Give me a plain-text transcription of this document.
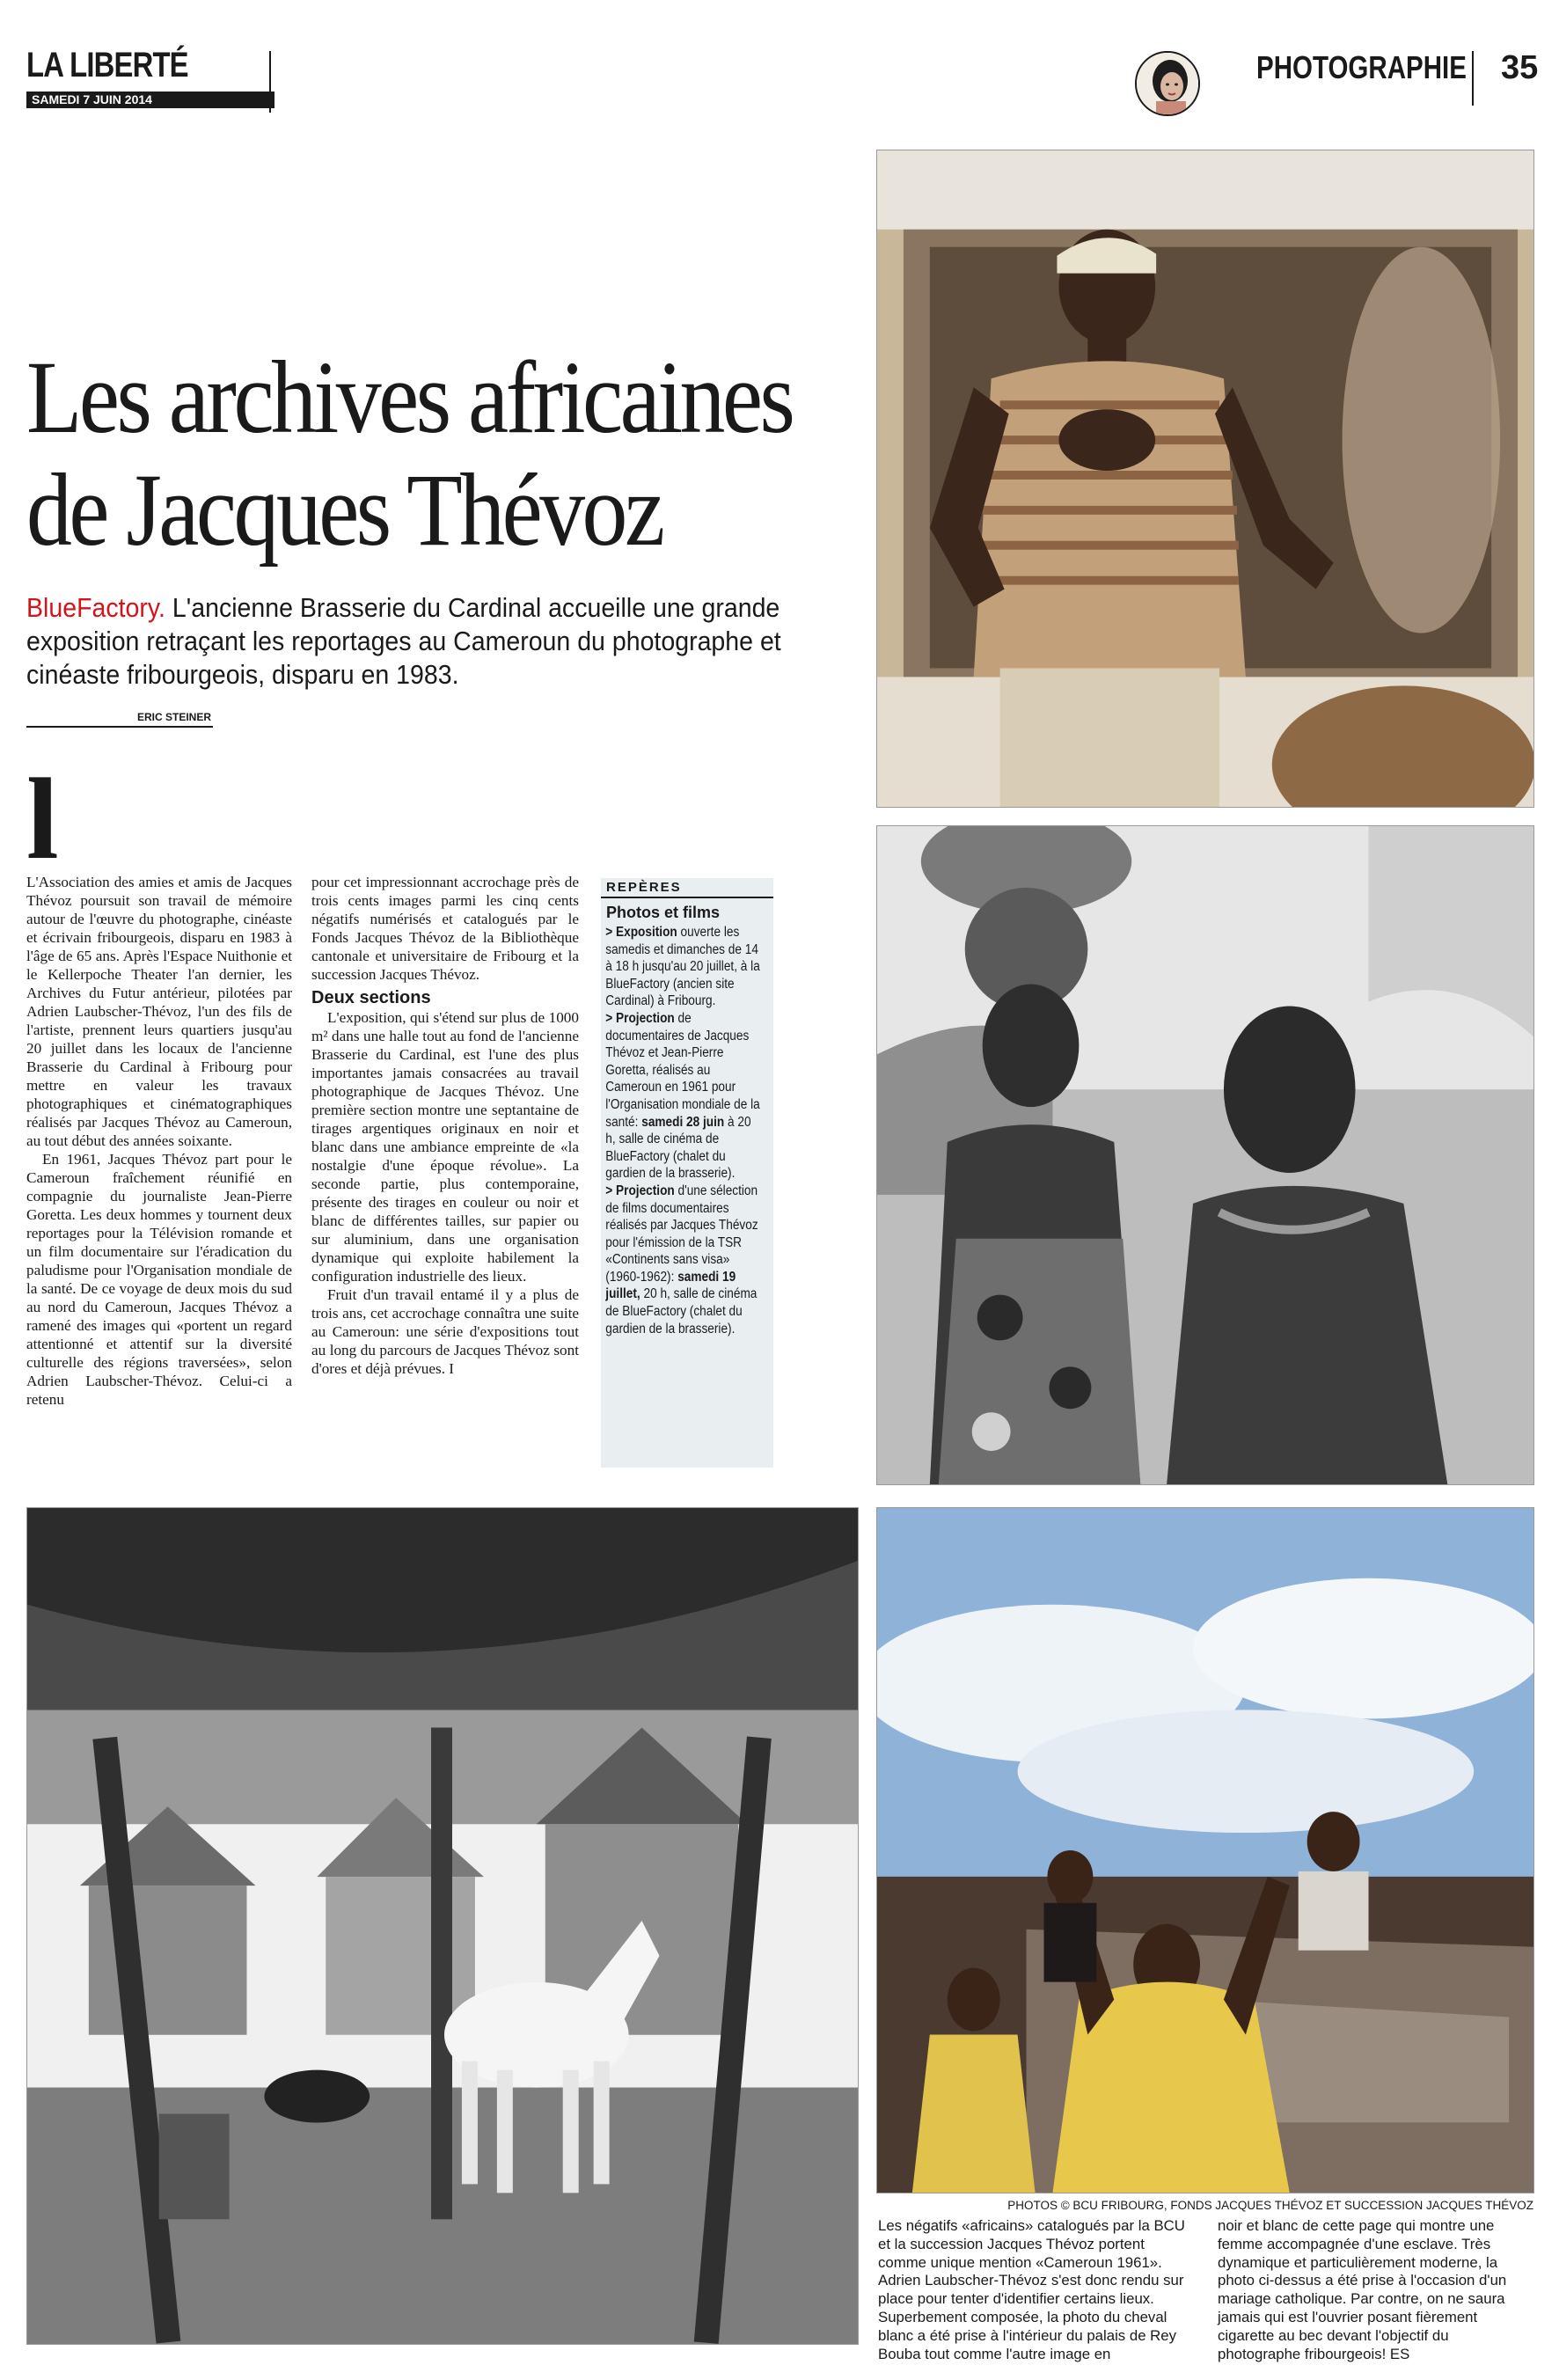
LA LIBERTÉ
SAMEDI 7 JUIN 2014
PHOTOGRAPHIE 35
Les archives africaines
de Jacques Thévoz
BlueFactory. L'ancienne Brasserie du Cardinal accueille une grande exposition retraçant les reportages au Cameroun du photographe et cinéaste fribourgeois, disparu en 1983.
ERIC STEINER
l

L'Association des amies et amis de Jacques Thévoz poursuit son travail de mémoire autour de l'œuvre du photographe, cinéaste et écrivain fribourgeois, disparu en 1983 à l'âge de 65 ans. Après l'Espace Nuithonie et le Kellerpoche Theater l'an dernier, les Archives du Futur antérieur, pilotées par Adrien Laubscher-Thévoz, l'un des fils de l'artiste, prennent leurs quartiers jusqu'au 20 juillet dans les locaux de l'ancienne Brasserie du Cardinal à Fribourg pour mettre en valeur les travaux photographiques et cinématographiques réalisés par Jacques Thévoz au Cameroun, au tout début des années soixante.

En 1961, Jacques Thévoz part pour le Cameroun fraîchement réunifié en compagnie du journaliste Jean-Pierre Goretta. Les deux hommes y tournent deux reportages pour la Télévision romande et un film documentaire sur l'éradication du paludisme pour l'Organisation mondiale de la santé. De ce voyage de deux mois du sud au nord du Cameroun, Jacques Thévoz a ramené des images qui «portent un regard attentionné et attentif sur la diversité culturelle des régions traversées», selon Adrien Laubscher-Thévoz. Celui-ci a retenu

pour cet impressionnant accrochage près de trois cents images parmi les cinq cents négatifs numérisés et catalogués par le Fonds Jacques Thévoz de la Bibliothèque cantonale et universitaire de Fribourg et la succession Jacques Thévoz.

Deux sections

L'exposition, qui s'étend sur plus de 1000 m² dans une halle tout au fond de l'ancienne Brasserie du Cardinal, est l'une des plus importantes jamais consacrées au travail photographique de Jacques Thévoz. Une première section montre une septantaine de tirages argentiques originaux en noir et blanc dans une ambiance empreinte de «la nostalgie d'une époque révolue». La seconde partie, plus contemporaine, présente des tirages en couleur ou noir et blanc de différentes tailles, sur papier ou sur aluminium, dans une organisation dynamique qui exploite habilement la configuration industrielle des lieux.

Fruit d'un travail entamé il y a plus de trois ans, cet accrochage connaîtra une suite au Cameroun: une série d'expositions tout au long du parcours de Jacques Thévoz sont d'ores et déjà prévues. I

REPÈRES
Photos et films
> Exposition ouverte les samedis et dimanches de 14 à 18 h jusqu'au 20 juillet, à la BlueFactory (ancien site Cardinal) à Fribourg.
> Projection de documentaires de Jacques Thévoz et Jean-Pierre Goretta, réalisés au Cameroun en 1961 pour l'Organisation mondiale de la santé: samedi 28 juin à 20 h, salle de cinéma de BlueFactory (chalet du gardien de la brasserie).
> Projection d'une sélection de films documentaires réalisés par Jacques Thévoz pour l'émission de la TSR «Continents sans visa» (1960-1962): samedi 19 juillet, 20 h, salle de cinéma de BlueFactory (chalet du gardien de la brasserie).
PHOTOS © BCU FRIBOURG, FONDS JACQUES THÉVOZ ET SUCCESSION JACQUES THÉVOZ
Les négatifs «africains» catalogués par la BCU et la succession Jacques Thévoz portent comme unique mention «Cameroun 1961». Adrien Laubscher-Thévoz s'est donc rendu sur place pour tenter d'identifier certains lieux. Superbement composée, la photo du cheval blanc a été prise à l'intérieur du palais de Rey Bouba tout comme l'autre image en
noir et blanc de cette page qui montre une femme accompagnée d'une esclave. Très dynamique et particulièrement moderne, la photo ci-dessus a été prise à l'occasion d'un mariage catholique. Par contre, on ne saura jamais qui est l'ouvrier posant fièrement cigarette au bec devant l'objectif du photographe fribourgeois! ES
